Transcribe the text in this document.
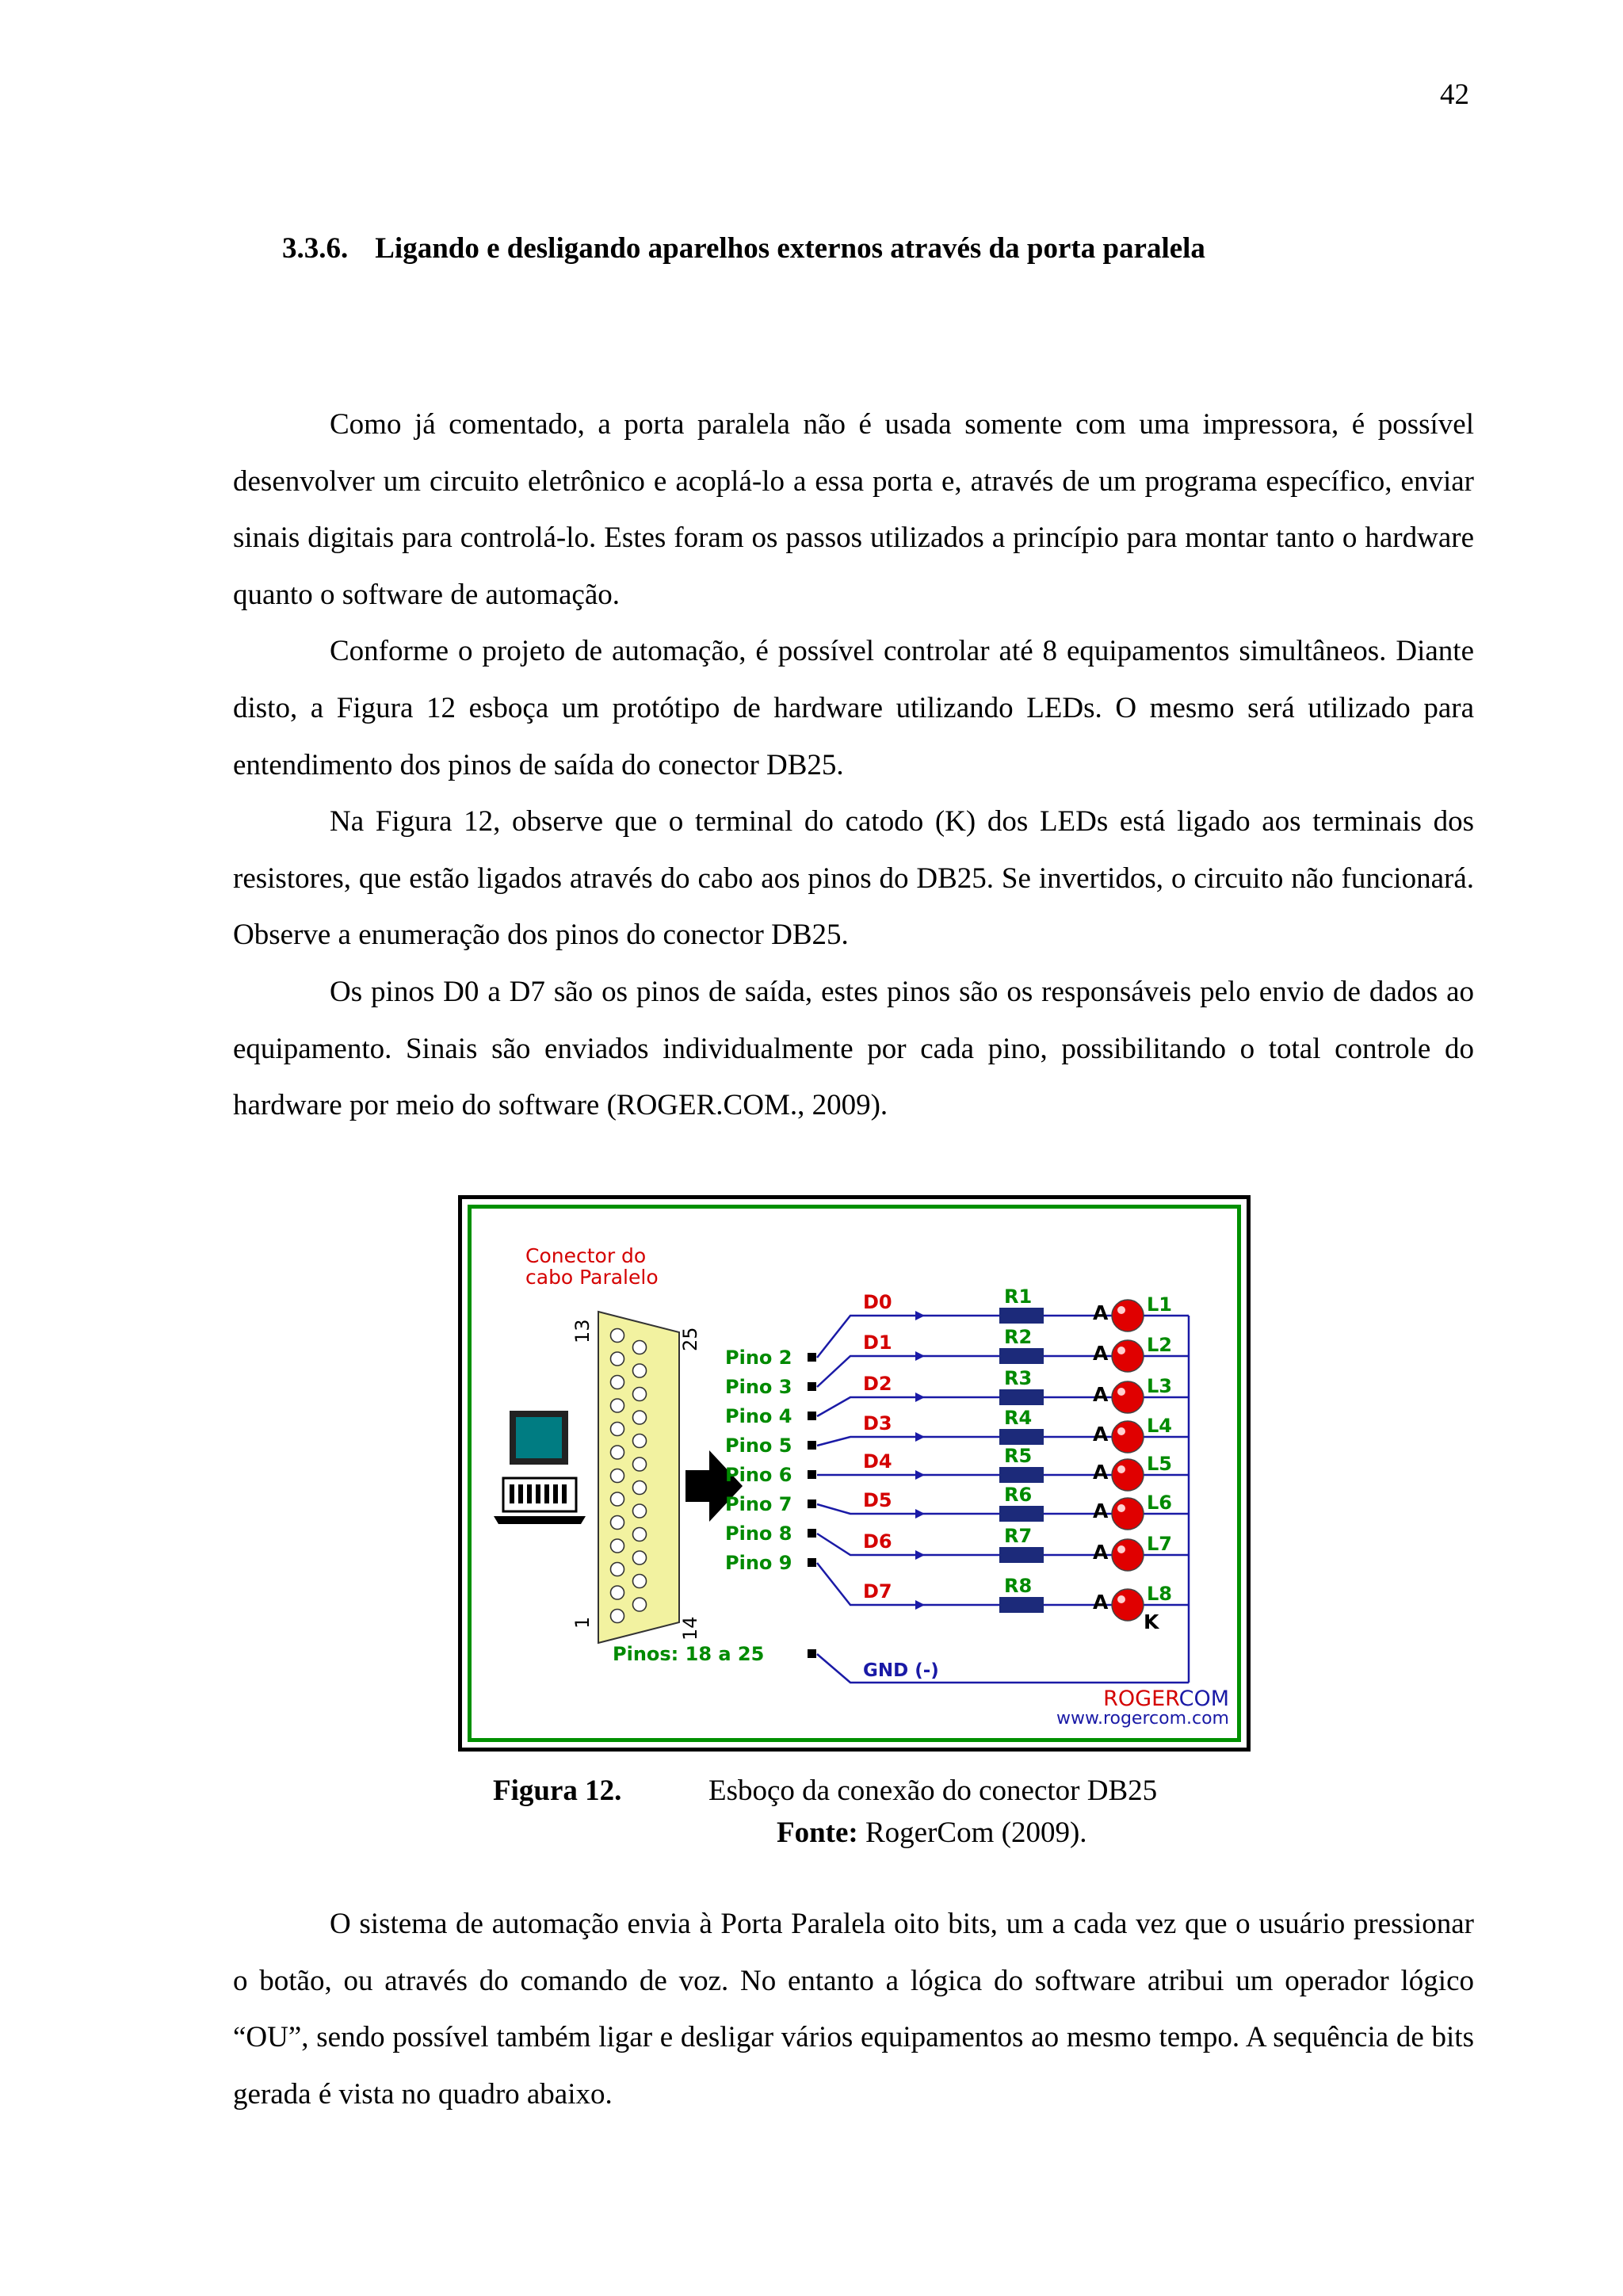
42
3.3.6. Ligando e desligando aparelhos externos através da porta paralela

Como já comentado, a porta paralela não é usada somente com uma impressora, é possível desenvolver um circuito eletrônico e acoplá-lo a essa porta e, através de um programa específico, enviar sinais digitais para controlá-lo. Estes foram os passos utilizados a princípio para montar tanto o hardware quanto o software de automação.

Conforme o projeto de automação, é possível controlar até 8 equipamentos simultâneos. Diante disto, a Figura 12 esboça um protótipo de hardware utilizando LEDs. O mesmo será utilizado para entendimento dos pinos de saída do conector DB25.

Na Figura 12, observe que o terminal do catodo (K) dos LEDs está ligado aos terminais dos resistores, que estão ligados através do cabo aos pinos do DB25. Se invertidos, o circuito não funcionará. Observe a enumeração dos pinos do conector DB25.

Os pinos D0 a D7 são os pinos de saída, estes pinos são os responsáveis pelo envio de dados ao equipamento. Sinais são enviados individualmente por cada pino, possibilitando o total controle do hardware por meio do software (ROGER.COM., 2009).

Conector do
cabo Paralelo
13	25
1	14
Pino 2
D0	R1
A L1
Pino 3
D1	R2
A L2
Pino 4
D2	R3
A L3
Pino 5
D3	R4
A L4
Pino 6
D4	R5
A L5
Pino 7	D5	R6
A L6
Pino 8	D6	R7
A L7
Pino 9
D7	R8
A L8
K
Pinos: 18 a 25
GND (-)
ROGERCOM
www.rogercom.com
Figura 12.	Esboço da conexão do conector DB25
Fonte: RogerCom (2009).

O sistema de automação envia à Porta Paralela oito bits, um a cada vez que o usuário pressionar o botão, ou através do comando de voz. No entanto a lógica do software atribui um operador lógico “OU”, sendo possível também ligar e desligar vários equipamentos ao mesmo tempo. A sequência de bits gerada é vista no quadro abaixo.
